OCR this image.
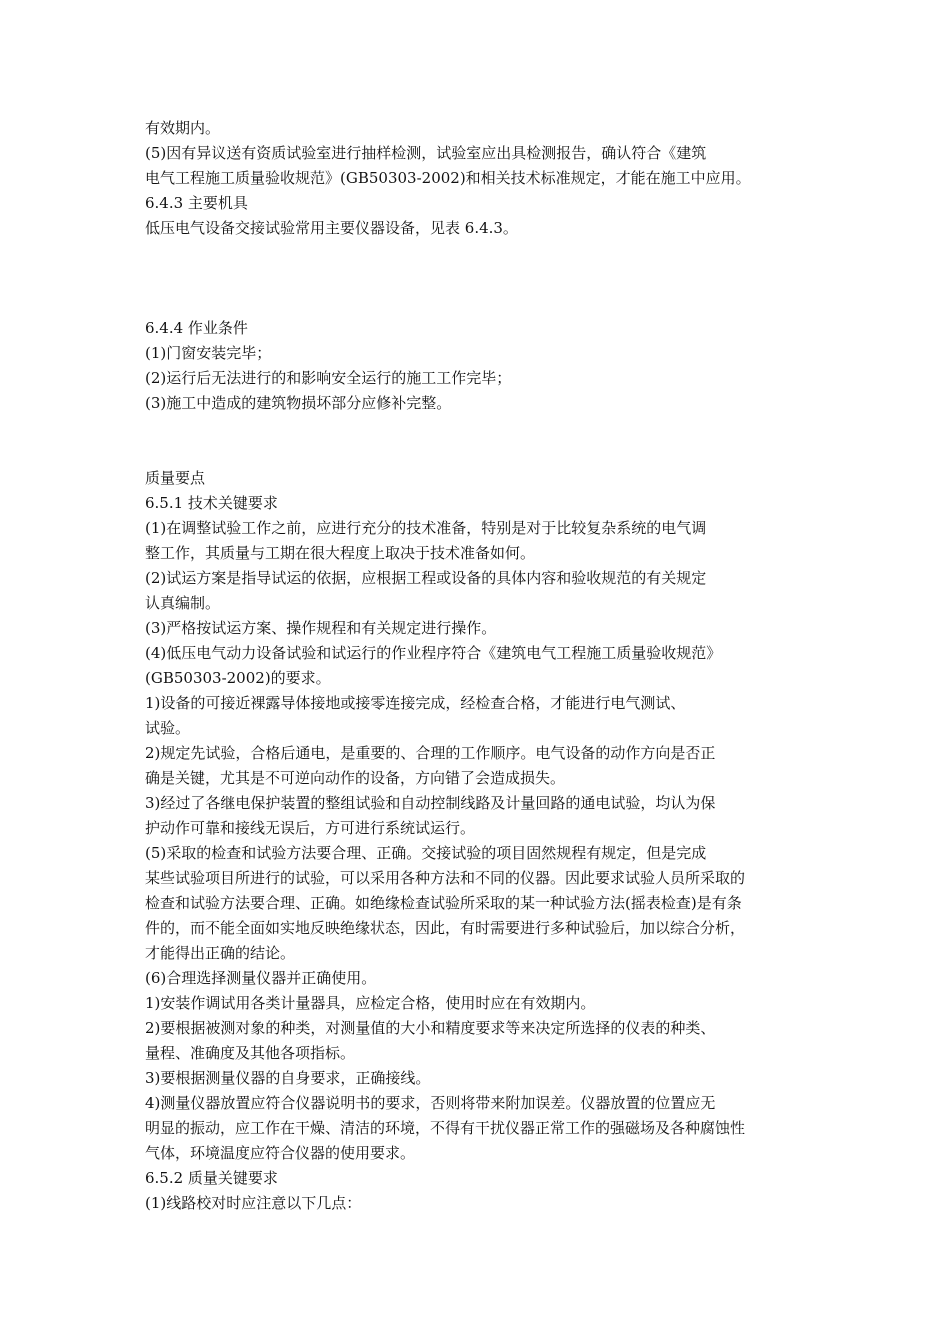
有效期内。
(5)因有异议送有资质试验室进行抽样检测，试验室应出具检测报告，确认符合《建筑
电气工程施工质量验收规范》(GB50303-2002)和相关技术标准规定，才能在施工中应用。
6.4.3 主要机具
低压电气设备交接试验常用主要仪器设备，见表 6.4.3。
6.4.4 作业条件
(1)门窗安装完毕；
(2)运行后无法进行的和影响安全运行的施工工作完毕；
(3)施工中造成的建筑物损坏部分应修补完整。
质量要点
6.5.1 技术关键要求
(1)在调整试验工作之前，应进行充分的技术准备，特别是对于比较复杂系统的电气调
整工作，其质量与工期在很大程度上取决于技术准备如何。
(2)试运方案是指导试运的依据，应根据工程或设备的具体内容和验收规范的有关规定
认真编制。
(3)严格按试运方案、操作规程和有关规定进行操作。
(4)低压电气动力设备试验和试运行的作业程序符合《建筑电气工程施工质量验收规范》
(GB50303-2002)的要求。
1)设备的可接近裸露导体接地或接零连接完成，经检查合格，才能进行电气测试、
试验。
2)规定先试验，合格后通电，是重要的、合理的工作顺序。电气设备的动作方向是否正
确是关键，尤其是不可逆向动作的设备，方向错了会造成损失。
3)经过了各继电保护装置的整组试验和自动控制线路及计量回路的通电试验，均认为保
护动作可靠和接线无误后，方可进行系统试运行。
(5)采取的检查和试验方法要合理、正确。交接试验的项目固然规程有规定，但是完成
某些试验项目所进行的试验，可以采用各种方法和不同的仪器。因此要求试验人员所采取的
检查和试验方法要合理、正确。如绝缘检查试验所采取的某一种试验方法(摇表检查)是有条
件的，而不能全面如实地反映绝缘状态，因此，有时需要进行多种试验后，加以综合分析，
才能得出正确的结论。
(6)合理选择测量仪器并正确使用。
1)安装作调试用各类计量器具，应检定合格，使用时应在有效期内。
2)要根据被测对象的种类，对测量值的大小和精度要求等来决定所选择的仪表的种类、
量程、准确度及其他各项指标。
3)要根据测量仪器的自身要求，正确接线。
4)测量仪器放置应符合仪器说明书的要求，否则将带来附加误差。仪器放置的位置应无
明显的振动，应工作在干燥、清洁的环境，不得有干扰仪器正常工作的强磁场及各种腐蚀性
气体，环境温度应符合仪器的使用要求。
6.5.2 质量关键要求
(1)线路校对时应注意以下几点：
